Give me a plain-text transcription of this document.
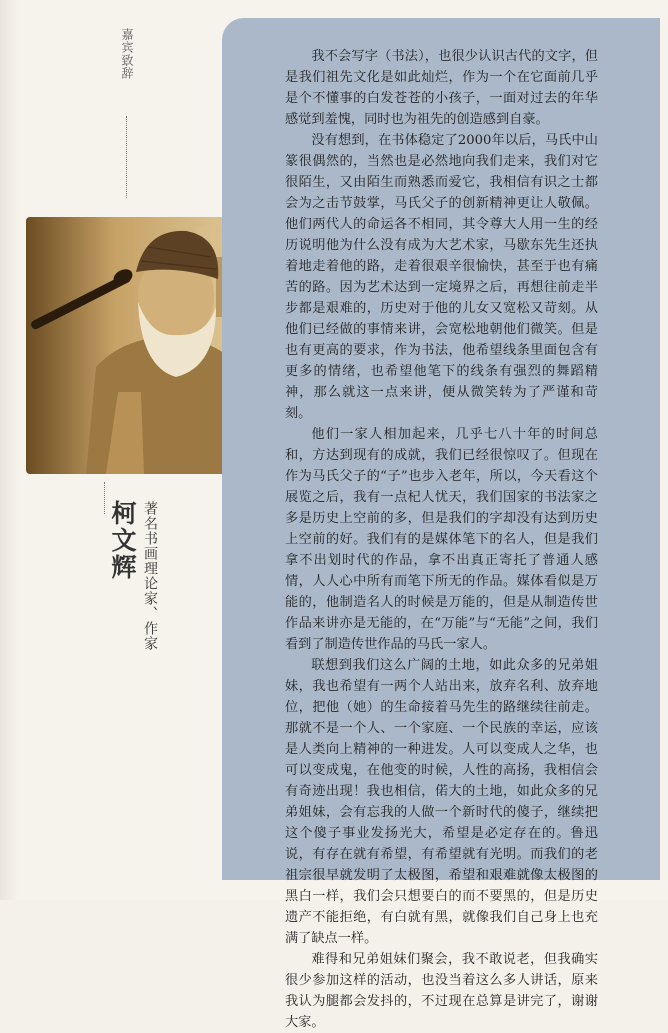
嘉宾致辞
柯文辉 著名书画理论家、作家

我不会写字（书法），也很少认识古代的文字，但是我们祖先文化是如此灿烂，作为一个在它面前几乎是个不懂事的白发苍苍的小孩子，一面对过去的年华感觉到羞愧，同时也为祖先的创造感到自豪。

没有想到，在书体稳定了2000年以后，马氏中山篆很偶然的，当然也是必然地向我们走来，我们对它很陌生，又由陌生而熟悉而爱它，我相信有识之士都会为之击节鼓掌，马氏父子的创新精神更让人敬佩。他们两代人的命运各不相同，其令尊大人用一生的经历说明他为什么没有成为大艺术家，马歇东先生还执着地走着他的路，走着很艰辛很愉快，甚至于也有痛苦的路。因为艺术达到一定境界之后，再想往前走半步都是艰难的，历史对于他的儿女又宽松又苛刻。从他们已经做的事情来讲，会宽松地朝他们微笑。但是也有更高的要求，作为书法，他希望线条里面包含有更多的情绪，也希望他笔下的线条有强烈的舞蹈精神，那么就这一点来讲，便从微笑转为了严谨和苛刻。

他们一家人相加起来，几乎七八十年的时间总和，方达到现有的成就，我们已经很惊叹了。但现在作为马氏父子的“子”也步入老年，所以，今天看这个展览之后，我有一点杞人忧天，我们国家的书法家之多是历史上空前的多，但是我们的字却没有达到历史上空前的好。我们有的是媒体笔下的名人，但是我们拿不出划时代的作品，拿不出真正寄托了普通人感情，人人心中所有而笔下所无的作品。媒体看似是万能的，他制造名人的时候是万能的，但是从制造传世作品来讲亦是无能的，在“万能”与“无能”之间，我们看到了制造传世作品的马氏一家人。

联想到我们这么广阔的土地，如此众多的兄弟姐妹，我也希望有一两个人站出来，放弃名利、放弃地位，把他（她）的生命接着马先生的路继续往前走。那就不是一个人、一个家庭、一个民族的幸运，应该是人类向上精神的一种进发。人可以变成人之华，也可以变成鬼，在他变的时候，人性的高扬，我相信会有奇迹出现！我也相信，偌大的土地，如此众多的兄弟姐妹，会有忘我的人做一个新时代的傻子，继续把这个傻子事业发扬光大，希望是必定存在的。鲁迅说，有存在就有希望，有希望就有光明。而我们的老祖宗很早就发明了太极图，希望和艰难就像太极图的黑白一样，我们会只想要白的而不要黑的，但是历史遗产不能拒绝，有白就有黑，就像我们自己身上也充满了缺点一样。

难得和兄弟姐妹们聚会，我不敢说老，但我确实很少参加这样的活动，也没当着这么多人讲话，原来我认为腿都会发抖的，不过现在总算是讲完了，谢谢大家。
